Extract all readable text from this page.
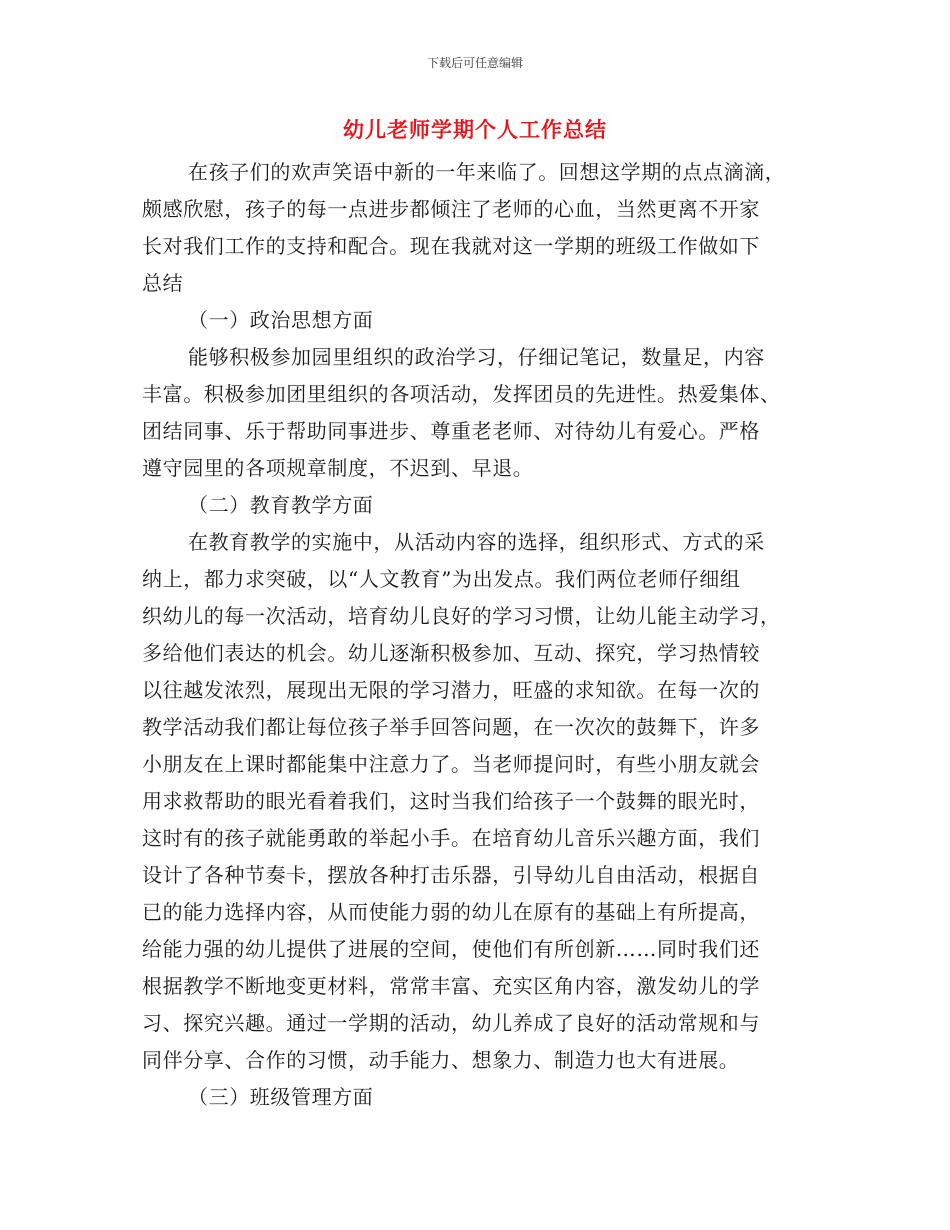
下载后可任意编辑
幼儿老师学期个人工作总结
在孩子们的欢声笑语中新的一年来临了。回想这学期的点点滴滴，
颇感欣慰，孩子的每一点进步都倾注了老师的心血，当然更离不开家
长对我们工作的支持和配合。现在我就对这一学期的班级工作做如下
总结
（一）政治思想方面
能够积极参加园里组织的政治学习，仔细记笔记，数量足，内容
丰富。积极参加团里组织的各项活动，发挥团员的先进性。热爱集体、
团结同事、乐于帮助同事进步、尊重老老师、对待幼儿有爱心。严格
遵守园里的各项规章制度，不迟到、早退。
（二）教育教学方面
在教育教学的实施中，从活动内容的选择，组织形式、方式的采
纳上，都力求突破，以“人文教育”为出发点。我们两位老师仔细组
织幼儿的每一次活动，培育幼儿良好的学习习惯，让幼儿能主动学习，
多给他们表达的机会。幼儿逐渐积极参加、互动、探究，学习热情较
以往越发浓烈，展现出无限的学习潜力，旺盛的求知欲。在每一次的
教学活动我们都让每位孩子举手回答问题，在一次次的鼓舞下，许多
小朋友在上课时都能集中注意力了。当老师提问时，有些小朋友就会
用求救帮助的眼光看着我们，这时当我们给孩子一个鼓舞的眼光时，
这时有的孩子就能勇敢的举起小手。在培育幼儿音乐兴趣方面，我们
设计了各种节奏卡，摆放各种打击乐器，引导幼儿自由活动，根据自
已的能力选择内容，从而使能力弱的幼儿在原有的基础上有所提高，
给能力强的幼儿提供了进展的空间，使他们有所创新……同时我们还
根据教学不断地变更材料，常常丰富、充实区角内容，激发幼儿的学
习、探究兴趣。通过一学期的活动，幼儿养成了良好的活动常规和与
同伴分享、合作的习惯，动手能力、想象力、制造力也大有进展。
（三）班级管理方面
